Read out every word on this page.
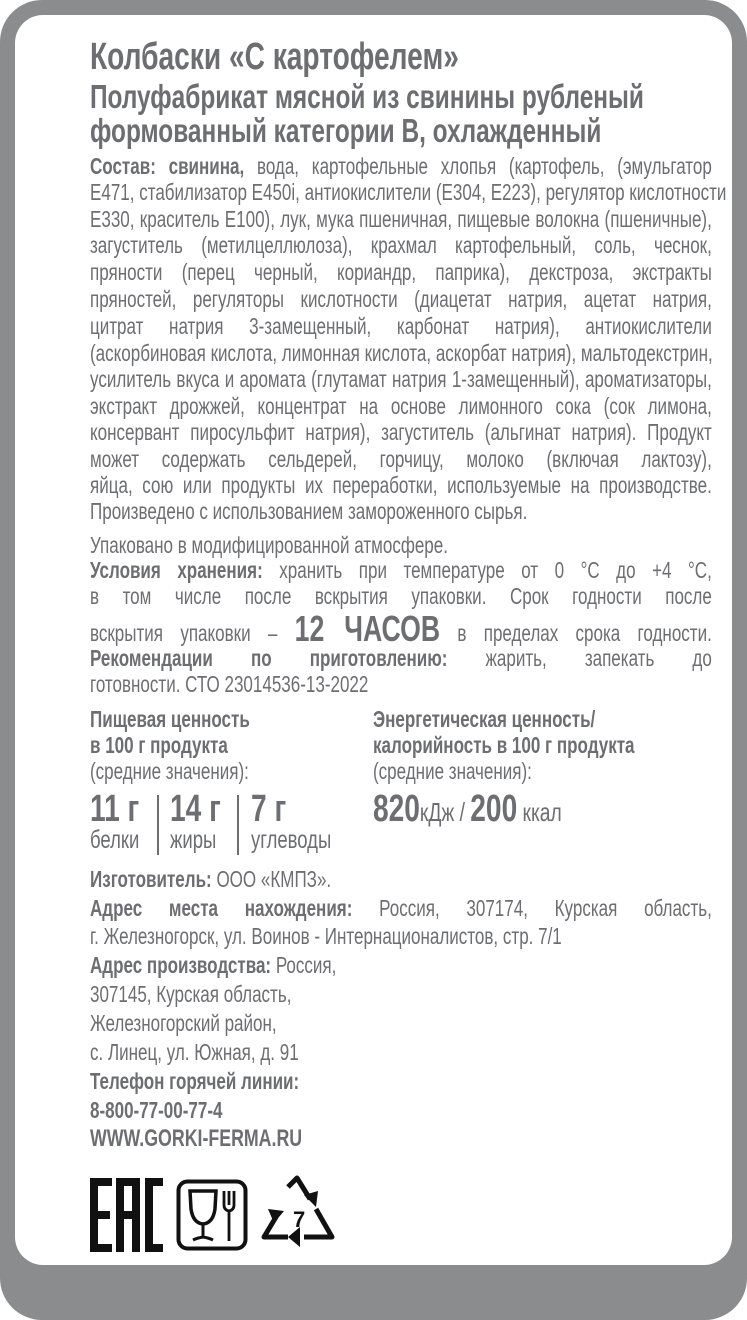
Колбаски «С картофелем»
Полуфабрикат мясной из свинины рубленый
формованный категории В, охлажденный
Состав: свинина, вода, картофельные хлопья (картофель, (эмульгатор
Е471, стабилизатор Е450i, антиокислители (Е304, Е223), регулятор кислотности
Е330, краситель Е100), лук, мука пшеничная, пищевые волокна (пшеничные),
загуститель (метилцеллюлоза), крахмал картофельный, соль, чеснок,
пряности (перец черный, кориандр, паприка), декстроза, экстракты
пряностей, регуляторы кислотности (диацетат натрия, ацетат натрия,
цитрат натрия 3-замещенный, карбонат натрия), антиокислители
(аскорбиновая кислота, лимонная кислота, аскорбат натрия), мальтодекстрин,
усилитель вкуса и аромата (глутамат натрия 1-замещенный), ароматизаторы,
экстракт дрожжей, концентрат на основе лимонного сока (сок лимона,
консервант пиросульфит натрия), загуститель (альгинат натрия). Продукт
может содержать сельдерей, горчицу, молоко (включая лактозу),
яйца, сою или продукты их переработки, используемые на производстве.
Произведено с использованием замороженного сырья.
Упаковано в модифицированной атмосфере.
Условия хранения: хранить при температуре от 0 °С до +4 °С,
в том числе после вскрытия упаковки. Срок годности после
вскрытия упаковки – 12 ЧАСОВ в пределах срока годности.
Рекомендации по приготовлению: жарить, запекать до
готовности. СТО 23014536-13-2022
Пищевая ценность
в 100 г продукта
(средние значения):
Энергетическая ценность/
калорийность в 100 г продукта
(средние значения):
11 г
белки
14 г
жиры
7 г
углеводы
820кДж / 200 ккал
Изготовитель: ООО «КМПЗ».
Адрес места нахождения: Россия, 307174, Курская область,
г. Железногорск, ул. Воинов - Интернационалистов, стр. 7/1
Адрес производства: Россия,
307145, Курская область,
Железногорский район,
с. Линец, ул. Южная, д. 91
Телефон горячей линии:
8-800-77-00-77-4
WWW.GORKI-FERMA.RU
7
